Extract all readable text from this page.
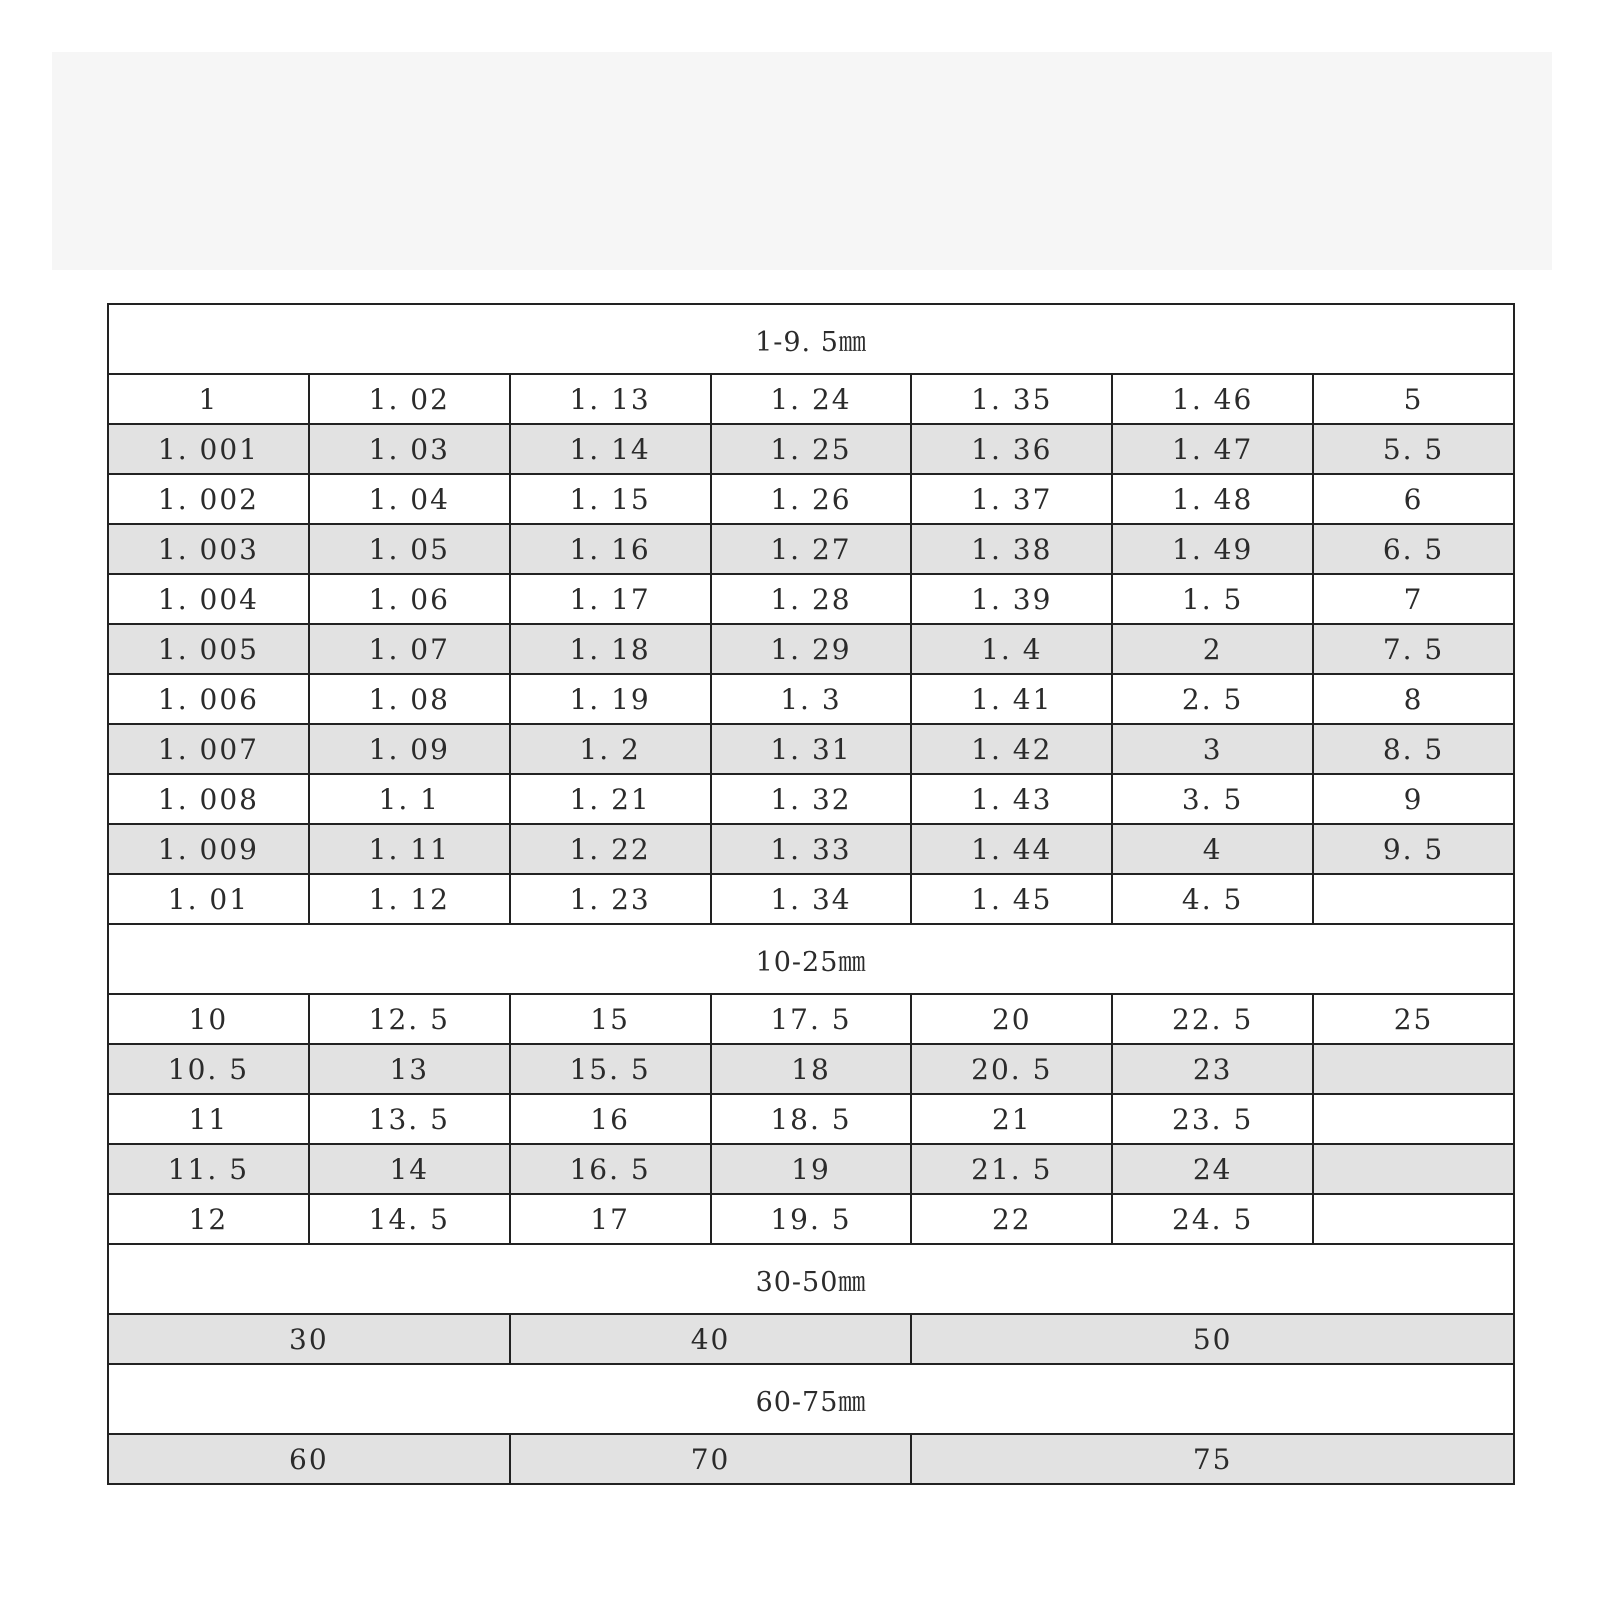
1-9. 5㎜						
1	1. 02	1. 13	1. 24	1. 35	1. 46	5
1. 001	1. 03	1. 14	1. 25	1. 36	1. 47	5. 5
1. 002	1. 04	1. 15	1. 26	1. 37	1. 48	6
1. 003	1. 05	1. 16	1. 27	1. 38	1. 49	6. 5
1. 004	1. 06	1. 17	1. 28	1. 39	1. 5	7
1. 005	1. 07	1. 18	1. 29	1. 4	2	7. 5
1. 006	1. 08	1. 19	1. 3	1. 41	2. 5	8
1. 007	1. 09	1. 2	1. 31	1. 42	3	8. 5
1. 008	1. 1	1. 21	1. 32	1. 43	3. 5	9
1. 009	1. 11	1. 22	1. 33	1. 44	4	9. 5
1. 01	1. 12	1. 23	1. 34	1. 45	4. 5	
10-25㎜						
10	12. 5	15	17. 5	20	22. 5	25
10. 5	13	15. 5	18	20. 5	23	
11	13. 5	16	18. 5	21	23. 5	
11. 5	14	16. 5	19	21. 5	24	
12	14. 5	17	19. 5	22	24. 5	
30-50㎜						
30		40		50		
60-75㎜						
60		70		75		
